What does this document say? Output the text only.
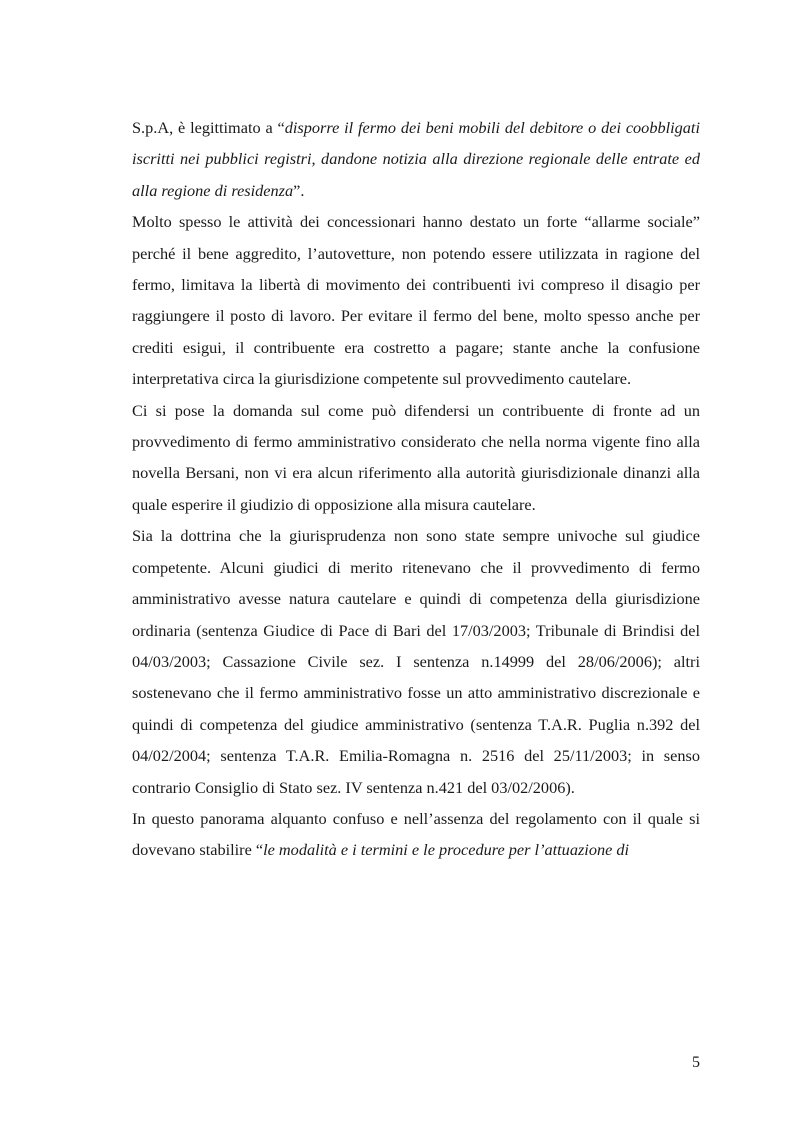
S.p.A, è legittimato a “disporre il fermo dei beni mobili del debitore o dei coobbligati iscritti nei pubblici registri, dandone notizia alla direzione regionale delle entrate ed alla regione di residenza”.

Molto spesso le attività dei concessionari hanno destato un forte “allarme sociale” perché il bene aggredito, l’autovetture, non potendo essere utilizzata in ragione del fermo, limitava la libertà di movimento dei contribuenti ivi compreso il disagio per raggiungere il posto di lavoro. Per evitare il fermo del bene, molto spesso anche per crediti esigui, il contribuente era costretto a pagare; stante anche la confusione interpretativa circa la giurisdizione competente sul provvedimento cautelare.

Ci si pose la domanda sul come può difendersi un contribuente di fronte ad un provvedimento di fermo amministrativo considerato che nella norma vigente fino alla novella Bersani, non vi era alcun riferimento alla autorità giurisdizionale dinanzi alla quale esperire il giudizio di opposizione alla misura cautelare.

Sia la dottrina che la giurisprudenza non sono state sempre univoche sul giudice competente. Alcuni giudici di merito ritenevano che il provvedimento di fermo amministrativo avesse natura cautelare e quindi di competenza della giurisdizione ordinaria (sentenza Giudice di Pace di Bari del 17/03/2003; Tribunale di Brindisi del 04/03/2003; Cassazione Civile sez. I sentenza n.14999 del 28/06/2006); altri sostenevano che il fermo amministrativo fosse un atto amministrativo discrezionale e quindi di competenza del giudice amministrativo (sentenza T.A.R. Puglia n.392 del 04/02/2004; sentenza T.A.R. Emilia-Romagna n. 2516 del 25/11/2003; in senso contrario Consiglio di Stato sez. IV sentenza n.421 del 03/02/2006).

In questo panorama alquanto confuso e nell’assenza del regolamento con il quale si dovevano stabilire “le modalità e i termini e le procedure per l’attuazione di

5
